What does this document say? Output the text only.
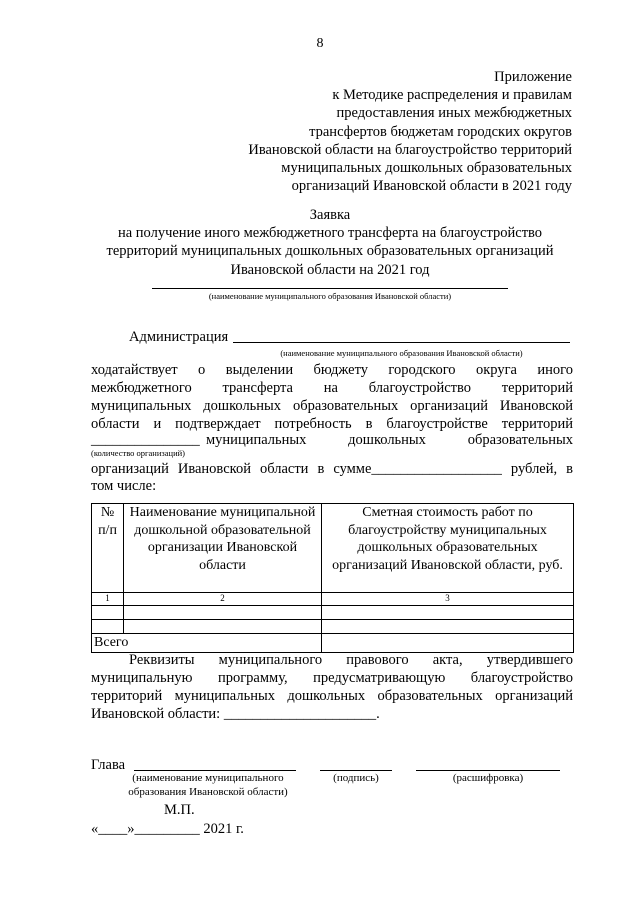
8
Приложение
к Методике распределения и правилам
предоставления иных межбюджетных
трансфертов бюджетам городских округов
Ивановской области на благоустройство территорий
муниципальных дошкольных образовательных
организаций Ивановской области в 2021 году
Заявка
на получение иного межбюджетного трансферта на благоустройство
территорий муниципальных дошкольных образовательных организаций
Ивановской области на 2021 год
(наименование муниципального образования Ивановской области)
Администрация
(наименование муниципального образования Ивановской области)
ходатайствует о выделении бюджету городского округа иного
межбюджетного трансферта на благоустройство территорий
муниципальных дошкольных образовательных организаций Ивановской
области и подтверждает потребность в благоустройстве территорий
_______________ муниципальных дошкольных образовательных
(количество организаций)
организаций Ивановской области в сумме__________________ рублей, в
том числе:
№ п/п	Наименование муниципальной дошкольной образовательной организации Ивановской области	Сметная стоимость работ по благоустройству муниципальных дошкольных образовательных организаций Ивановской области, руб.
1	2	3

Всего		
Реквизиты муниципального правового акта, утвердившего
муниципальную программу, предусматривающую благоустройство
территорий муниципальных дошкольных образовательных организаций
Ивановской области: _____________________.
Глава
(наименование муниципального
образования Ивановской области)
(подпись)	(расшифровка)
М.П.
«____»_________ 2021 г.
